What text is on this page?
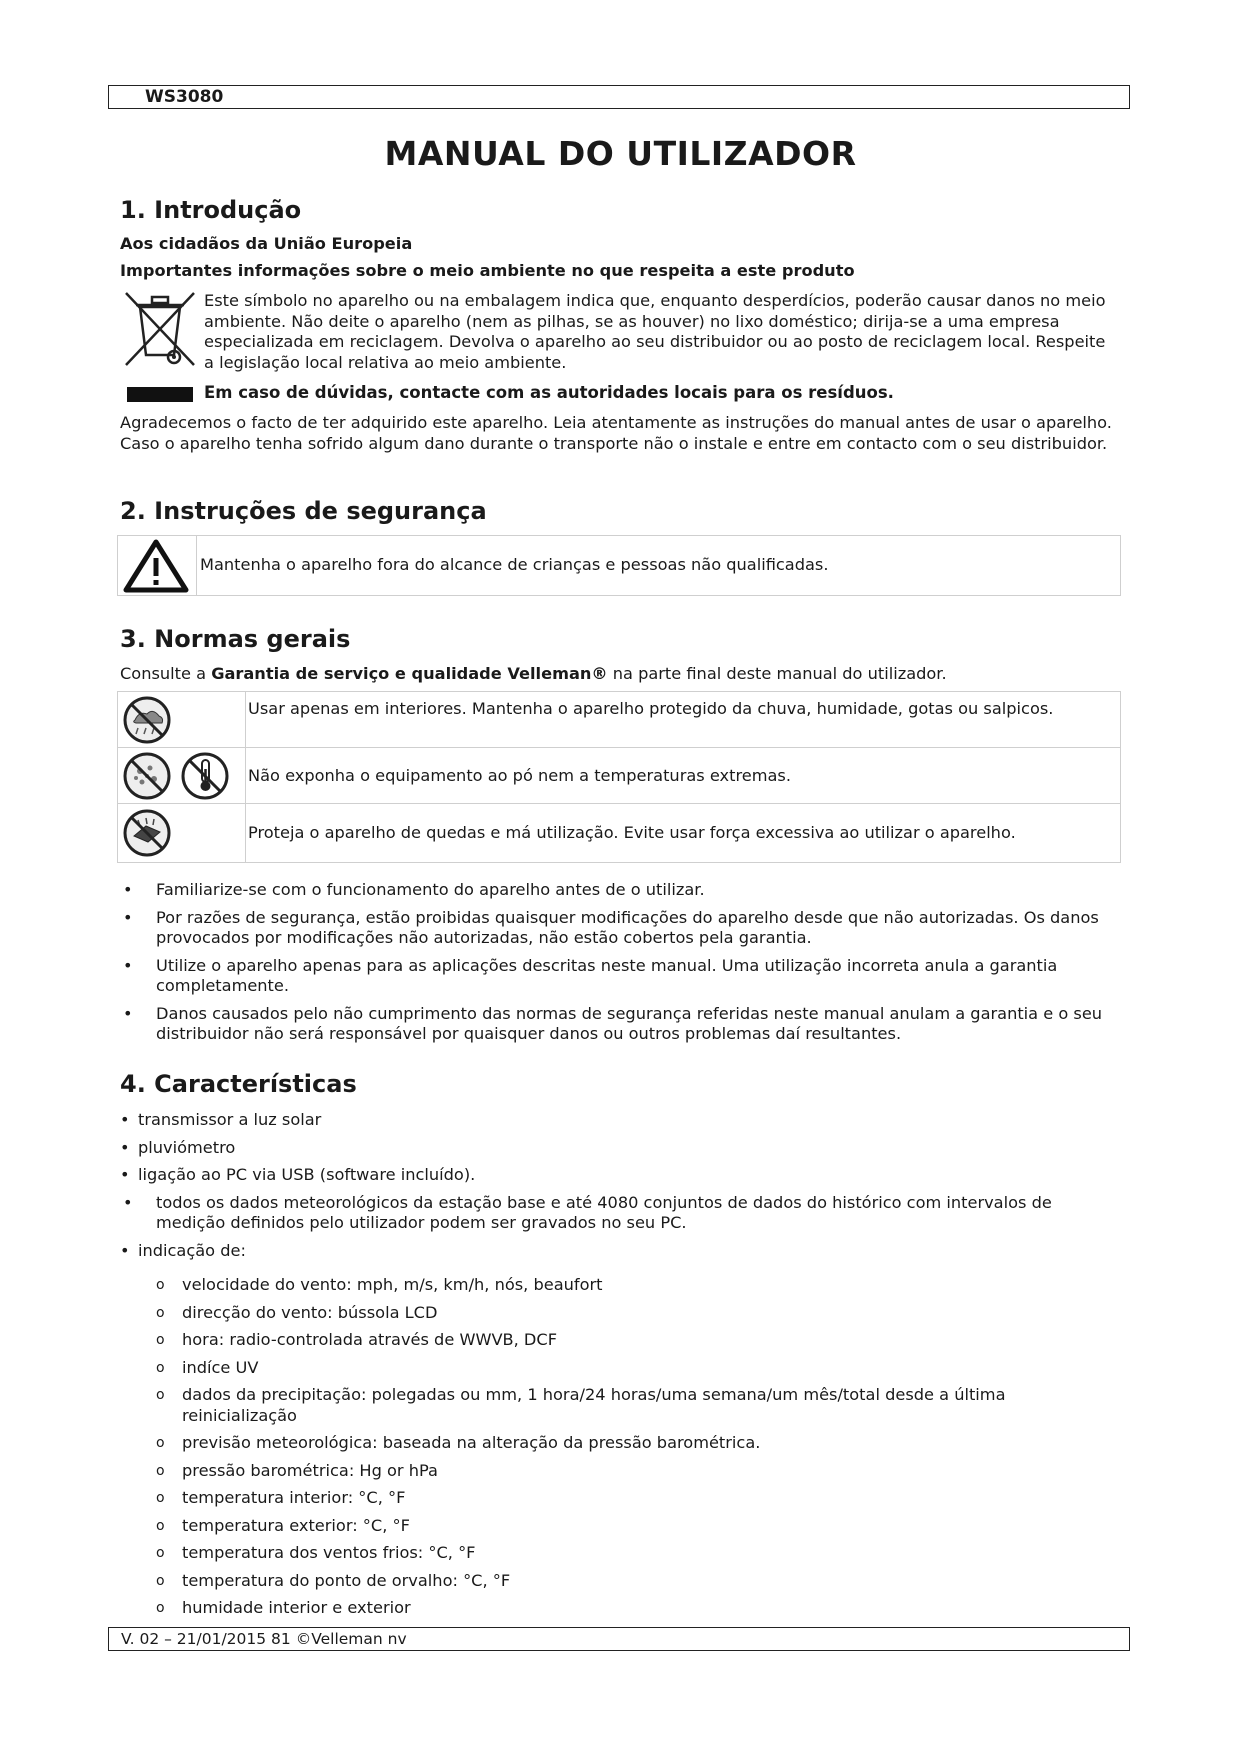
WS3080
MANUAL DO UTILIZADOR
1. Introdução
Aos cidadãos da União Europeia
Importantes informações sobre o meio ambiente no que respeita a este produto
Este símbolo no aparelho ou na embalagem indica que, enquanto desperdícios, poderão causar danos no meio ambiente. Não deite o aparelho (nem as pilhas, se as houver) no lixo doméstico; dirija-se a uma empresa especializada em reciclagem. Devolva o aparelho ao seu distribuidor ou ao posto de reciclagem local. Respeite a legislação local relativa ao meio ambiente.
Em caso de dúvidas, contacte com as autoridades locais para os resíduos.
Agradecemos o facto de ter adquirido este aparelho. Leia atentamente as instruções do manual antes de usar o aparelho. Caso o aparelho tenha sofrido algum dano durante o transporte não o instale e entre em contacto com o seu distribuidor.
2. Instruções de segurança
Mantenha o aparelho fora do alcance de crianças e pessoas não qualificadas.
3. Normas gerais
Consulte a Garantia de serviço e qualidade Velleman® na parte final deste manual do utilizador.
Usar apenas em interiores. Mantenha o aparelho protegido da chuva, humidade, gotas ou salpicos.
Não exponha o equipamento ao pó nem a temperaturas extremas.
Proteja o aparelho de quedas e má utilização. Evite usar força excessiva ao utilizar o aparelho.
• Familiarize-se com o funcionamento do aparelho antes de o utilizar.
• Por razões de segurança, estão proibidas quaisquer modificações do aparelho desde que não autorizadas. Os danos provocados por modificações não autorizadas, não estão cobertos pela garantia.
• Utilize o aparelho apenas para as aplicações descritas neste manual. Uma utilização incorreta anula a garantia completamente.
• Danos causados pelo não cumprimento das normas de segurança referidas neste manual anulam a garantia e o seu distribuidor não será responsável por quaisquer danos ou outros problemas daí resultantes.
4. Características
• transmissor a luz solar
• pluviómetro
• ligação ao PC via USB (software incluído).
• todos os dados meteorológicos da estação base e até 4080 conjuntos de dados do histórico com intervalos de medição definidos pelo utilizador podem ser gravados no seu PC.
• indicação de:
o velocidade do vento: mph, m/s, km/h, nós, beaufort
o direcção do vento: bússola LCD
o hora: radio-controlada através de WWVB, DCF
o indíce UV
o dados da precipitação: polegadas ou mm, 1 hora/24 horas/uma semana/um mês/total desde a última reinicialização
o previsão meteorológica: baseada na alteração da pressão barométrica.
o pressão barométrica: Hg or hPa
o temperatura interior: °C, °F
o temperatura exterior: °C, °F
o temperatura dos ventos frios: °C, °F
o temperatura do ponto de orvalho: °C, °F
o humidade interior e exterior
V. 02 – 21/01/2015 81 ©Velleman nv
